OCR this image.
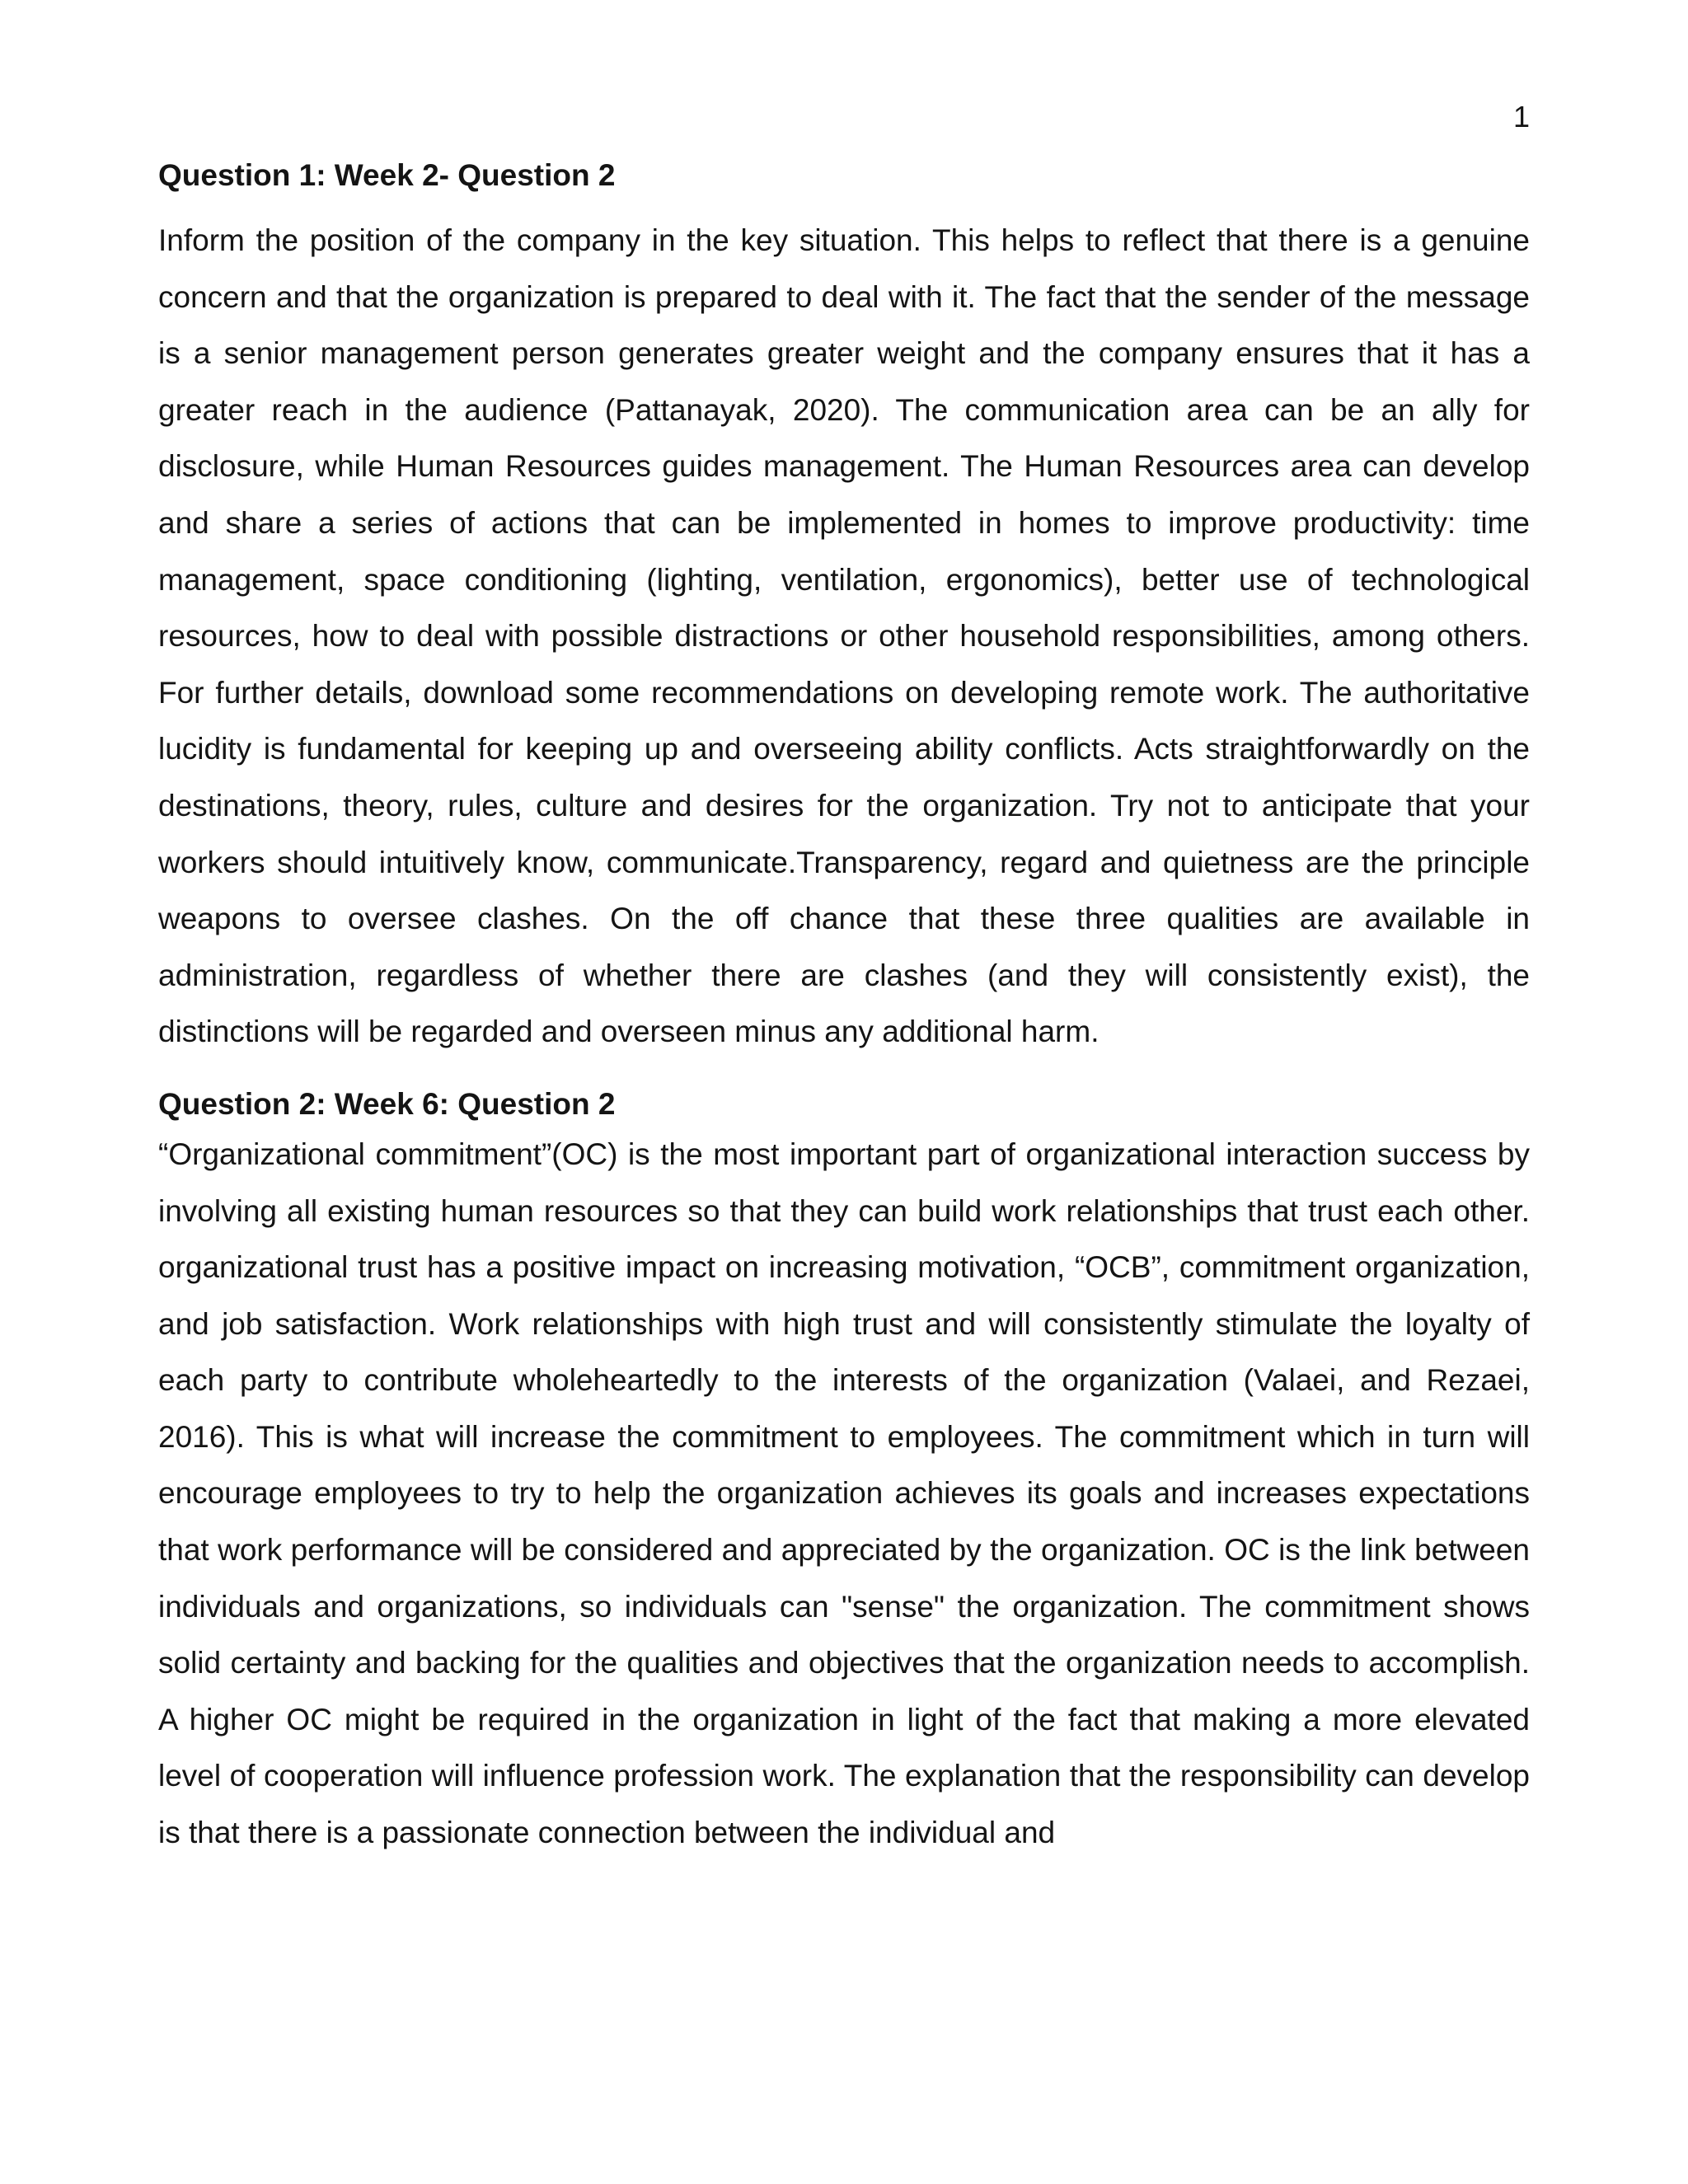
1
Question 1: Week 2- Question 2

Inform the position of the company in the key situation. This helps to reflect that there is a genuine concern and that the organization is prepared to deal with it. The fact that the sender of the message is a senior management person generates greater weight and the company ensures that it has a greater reach in the audience (Pattanayak, 2020). The communication area can be an ally for disclosure, while Human Resources guides management. The Human Resources area can develop and share a series of actions that can be implemented in homes to improve productivity: time management, space conditioning (lighting, ventilation, ergonomics), better use of technological resources, how to deal with possible distractions or other household responsibilities, among others. For further details, download some recommendations on developing remote work. The authoritative lucidity is fundamental for keeping up and overseeing ability conflicts. Acts straightforwardly on the destinations, theory, rules, culture and desires for the organization. Try not to anticipate that your workers should intuitively know, communicate.Transparency, regard and quietness are the principle weapons to oversee clashes. On the off chance that these three qualities are available in administration, regardless of whether there are clashes (and they will consistently exist), the distinctions will be regarded and overseen minus any additional harm.

Question 2: Week 6: Question 2

“Organizational commitment”(OC) is the most important part of organizational interaction success by involving all existing human resources so that they can build work relationships that trust each other. organizational trust has a positive impact on increasing motivation, “OCB”, commitment organization, and job satisfaction. Work relationships with high trust and will consistently stimulate the loyalty of each party to contribute wholeheartedly to the interests of the organization (Valaei, and Rezaei, 2016). This is what will increase the commitment to employees. The commitment which in turn will encourage employees to try to help the organization achieves its goals and increases expectations that work performance will be considered and appreciated by the organization. OC is the link between individuals and organizations, so individuals can "sense" the organization. The commitment shows solid certainty and backing for the qualities and objectives that the organization needs to accomplish. A higher OC might be required in the organization in light of the fact that making a more elevated level of cooperation will influence profession work. The explanation that the responsibility can develop is that there is a passionate connection between the individual and
